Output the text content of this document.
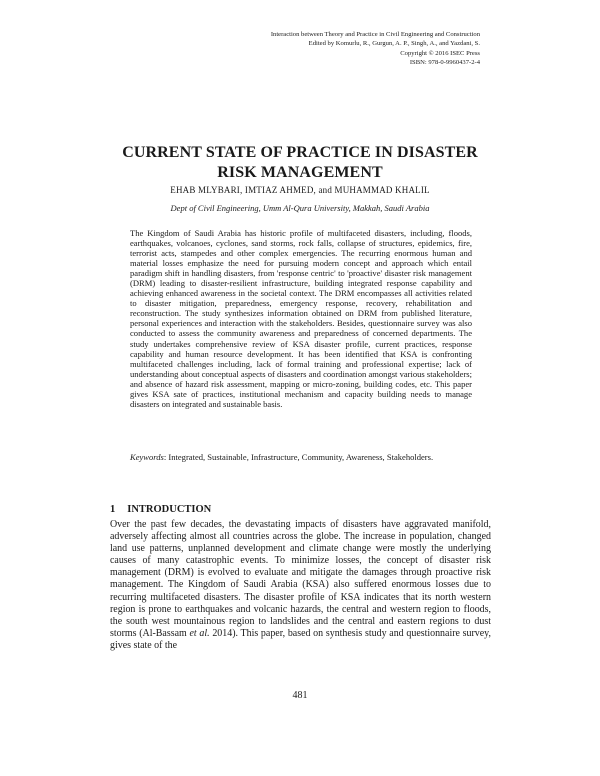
Interaction between Theory and Practice in Civil Engineering and Construction
Edited by Komurlu, R., Gurgun, A. P., Singh, A., and Yazdani, S.
Copyright © 2016 ISEC Press
ISBN: 978-0-9960437-2-4
CURRENT STATE OF PRACTICE IN DISASTER
RISK MANAGEMENT
EHAB MLYBARI, IMTIAZ AHMED, and MUHAMMAD KHALIL
Dept of Civil Engineering, Umm Al-Qura University, Makkah, Saudi Arabia

The Kingdom of Saudi Arabia has historic profile of multifaceted disasters, including, floods, earthquakes, volcanoes, cyclones, sand storms, rock falls, collapse of structures, epidemics, fire, terrorist acts, stampedes and other complex emergencies. The recurring enormous human and material losses emphasize the need for pursuing modern concept and approach which entail paradigm shift in handling disasters, from 'response centric' to 'proactive' disaster risk management (DRM) leading to disaster-resilient infrastructure, building integrated response capability and achieving enhanced awareness in the societal context. The DRM encompasses all activities related to disaster mitigation, preparedness, emergency response, recovery, rehabilitation and reconstruction. The study synthesizes information obtained on DRM from published literature, personal experiences and interaction with the stakeholders. Besides, questionnaire survey was also conducted to assess the community awareness and preparedness of concerned departments. The study undertakes comprehensive review of KSA disaster profile, current practices, response capability and human resource development. It has been identified that KSA is confronting multifaceted challenges including, lack of formal training and professional expertise; lack of understanding about conceptual aspects of disasters and coordination amongst various stakeholders; and absence of hazard risk assessment, mapping or micro-zoning, building codes, etc. This paper gives KSA sate of practices, institutional mechanism and capacity building needs to manage disasters on integrated and sustainable basis.

Keywords: Integrated, Sustainable, Infrastructure, Community, Awareness, Stakeholders.

1 INTRODUCTION

Over the past few decades, the devastating impacts of disasters have aggravated manifold, adversely affecting almost all countries across the globe. The increase in population, changed land use patterns, unplanned development and climate change were mostly the underlying causes of many catastrophic events. To minimize losses, the concept of disaster risk management (DRM) is evolved to evaluate and mitigate the damages through proactive risk management. The Kingdom of Saudi Arabia (KSA) also suffered enormous losses due to recurring multifaceted disasters. The disaster profile of KSA indicates that its north western region is prone to earthquakes and volcanic hazards, the central and western region to floods, the south west mountainous region to landslides and the central and eastern regions to dust storms (Al-Bassam et al. 2014). This paper, based on synthesis study and questionnaire survey, gives state of the

481
